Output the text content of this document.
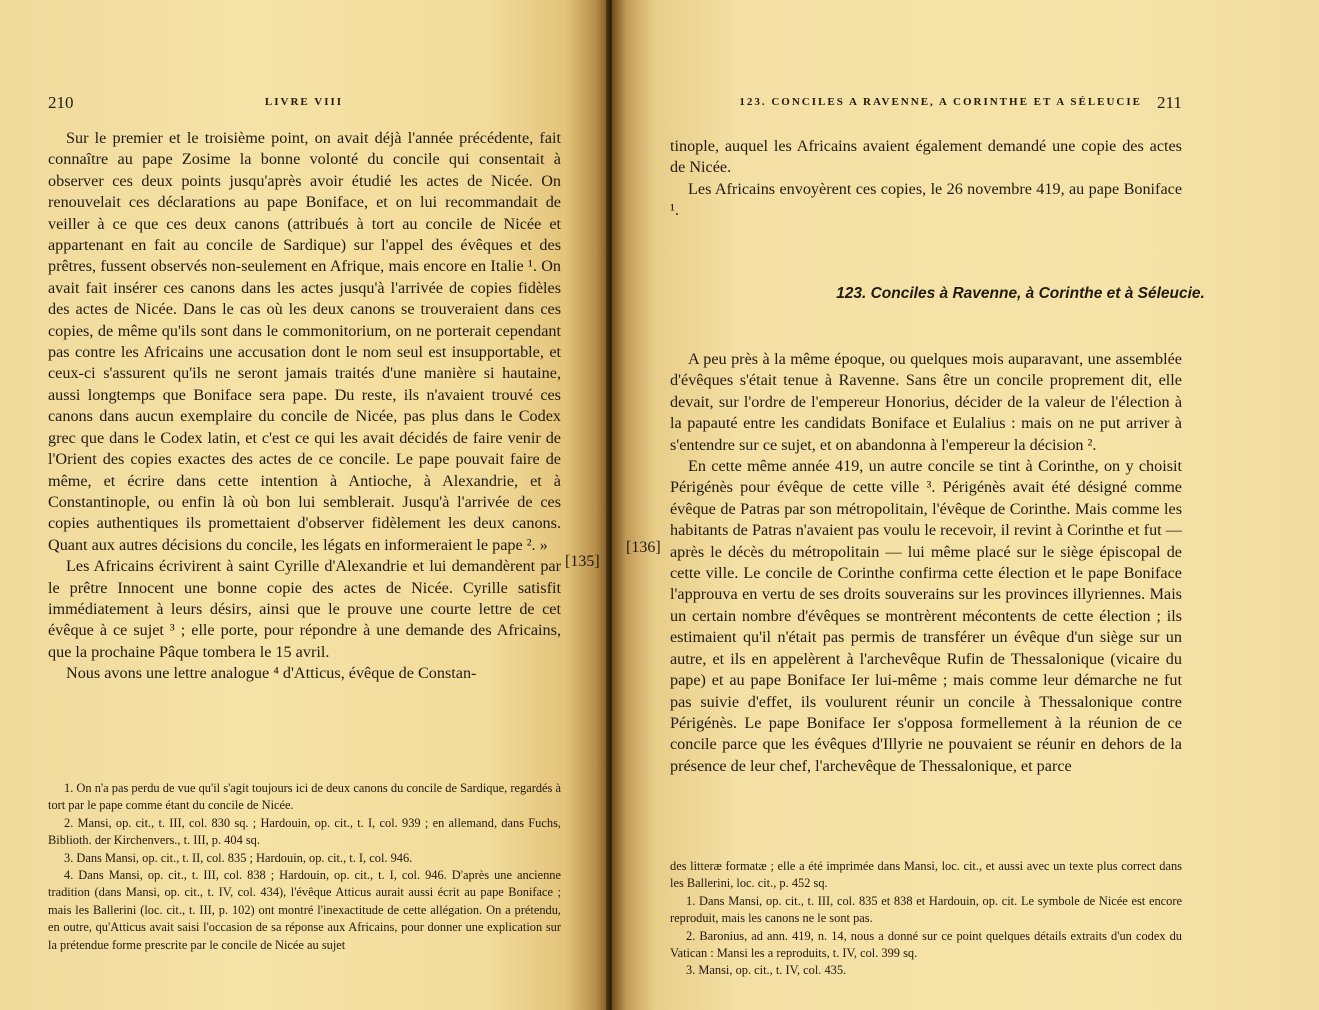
210	LIVRE VIII

Sur le premier et le troisième point, on avait déjà l'année précédente, fait connaître au pape Zosime la bonne volonté du concile qui consentait à observer ces deux points jusqu'après avoir étudié les actes de Nicée. On renouvelait ces déclarations au pape Boniface, et on lui recommandait de veiller à ce que ces deux canons (attribués à tort au concile de Nicée et appartenant en fait au concile de Sardique) sur l'appel des évêques et des prêtres, fussent observés non-seulement en Afrique, mais encore en Italie ¹. On avait fait insérer ces canons dans les actes jusqu'à l'arrivée de copies fidèles des actes de Nicée. Dans le cas où les deux canons se trouveraient dans ces copies, de même qu'ils sont dans le commonitorium, on ne porterait cependant pas contre les Africains une accusation dont le nom seul est insupportable, et ceux-ci s'assurent qu'ils ne seront jamais traités d'une manière si hautaine, aussi longtemps que Boniface sera pape. Du reste, ils n'avaient trouvé ces canons dans aucun exemplaire du concile de Nicée, pas plus dans le Codex grec que dans le Codex latin, et c'est ce qui les avait décidés de faire venir de l'Orient des copies exactes des actes de ce concile. Le pape pouvait faire de même, et écrire dans cette intention à Antioche, à Alexandrie, et à Constantinople, ou enfin là où bon lui semblerait. Jusqu'à l'arrivée de ces copies authentiques ils promettaient d'observer fidèlement les deux canons. Quant aux autres décisions du concile, les légats en informeraient le pape ². »

Les Africains écrivirent à saint Cyrille d'Alexandrie et lui demandèrent par le prêtre Innocent une bonne copie des actes de Nicée. Cyrille satisfit immédiatement à leurs désirs, ainsi que le prouve une courte lettre de cet évêque à ce sujet ³ ; elle porte, pour répondre à une demande des Africains, que la prochaine Pâque tombera le 15 avril.

Nous avons une lettre analogue ⁴ d'Atticus, évêque de Constan-

1. On n'a pas perdu de vue qu'il s'agit toujours ici de deux canons du concile de Sardique, regardés à tort par le pape comme étant du concile de Nicée.

2. Mansi, op. cit., t. III, col. 830 sq. ; Hardouin, op. cit., t. I, col. 939 ; en allemand, dans Fuchs, Biblioth. der Kirchenvers., t. III, p. 404 sq.

3. Dans Mansi, op. cit., t. II, col. 835 ; Hardouin, op. cit., t. I, col. 946.

4. Dans Mansi, op. cit., t. III, col. 838 ; Hardouin, op. cit., t. I, col. 946. D'après une ancienne tradition (dans Mansi, op. cit., t. IV, col. 434), l'évêque Atticus aurait aussi écrit au pape Boniface ; mais les Ballerini (loc. cit., t. III, p. 102) ont montré l'inexactitude de cette allégation. On a prétendu, en outre, qu'Atticus avait saisi l'occasion de sa réponse aux Africains, pour donner une explication sur la prétendue forme prescrite par le concile de Nicée au sujet

[135]
123. CONCILES A RAVENNE, A CORINTHE ET A SÉLEUCIE 211

tinople, auquel les Africains avaient également demandé une copie des actes de Nicée.

Les Africains envoyèrent ces copies, le 26 novembre 419, au pape Boniface ¹.

123. Conciles à Ravenne, à Corinthe et à Séleucie.

A peu près à la même époque, ou quelques mois auparavant, une assemblée d'évêques s'était tenue à Ravenne. Sans être un concile proprement dit, elle devait, sur l'ordre de l'empereur Honorius, décider de la valeur de l'élection à la papauté entre les candidats Boniface et Eulalius : mais on ne put arriver à s'entendre sur ce sujet, et on abandonna à l'empereur la décision ².

En cette même année 419, un autre concile se tint à Corinthe, on y choisit Périgénès pour évêque de cette ville ³. Périgénès avait été désigné comme évêque de Patras par son métropolitain, l'évêque de Corinthe. Mais comme les habitants de Patras n'avaient pas voulu le recevoir, il revint à Corinthe et fut — après le décès du métropolitain — lui même placé sur le siège épiscopal de cette ville. Le concile de Corinthe confirma cette élection et le pape Boniface l'approuva en vertu de ses droits souverains sur les provinces illyriennes. Mais un certain nombre d'évêques se montrèrent mécontents de cette élection ; ils estimaient qu'il n'était pas permis de transférer un évêque d'un siège sur un autre, et ils en appelèrent à l'archevêque Rufin de Thessalonique (vicaire du pape) et au pape Boniface Ier lui-même ; mais comme leur démarche ne fut pas suivie d'effet, ils voulurent réunir un concile à Thessalonique contre Périgénès. Le pape Boniface Ier s'opposa formellement à la réunion de ce concile parce que les évêques d'Illyrie ne pouvaient se réunir en dehors de la présence de leur chef, l'archevêque de Thessalonique, et parce

des litteræ formatæ ; elle a été imprimée dans Mansi, loc. cit., et aussi avec un texte plus correct dans les Ballerini, loc. cit., p. 452 sq.

1. Dans Mansi, op. cit., t. III, col. 835 et 838 et Hardouin, op. cit. Le symbole de Nicée est encore reproduit, mais les canons ne le sont pas.

2. Baronius, ad ann. 419, n. 14, nous a donné sur ce point quelques détails extraits d'un codex du Vatican : Mansi les a reproduits, t. IV, col. 399 sq.

3. Mansi, op. cit., t. IV, col. 435.

[136]
